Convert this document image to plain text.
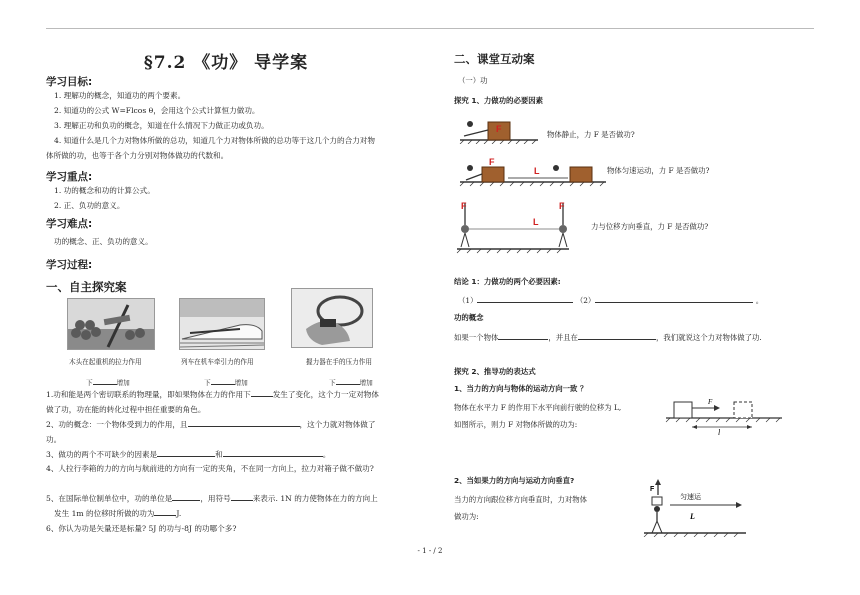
§7.2 《功》 导学案
学习目标:
1. 理解功的概念，知道功的两个要素。
2. 知道功的公式 W=Flcos θ，会用这个公式计算恒力做功。
3. 理解正功和负功的概念，知道在什么情况下力做正功或负功。
4. 知道什么是几个力对物体所做的总功，知道几个力对物体所做的总功等于这几个力的合力对物
体所做的功，也等于各个力分别对物体做功的代数和。
学习重点:
1. 功的概念和功的计算公式。
2. 正、负功的意义。
学习难点:
功的概念、正、负功的意义。
学习过程:
一、自主探究案
木头在起重机的拉力作用	列车在机车牵引力的作用	握力器在手的压力作用
下	增加	下	增加	下	增加
1.功和能是两个密切联系的物理量，即如果物体在力的作用下	发生了变化，这个力一定对物体
做了功，功在能的转化过程中担任重要的角色。
2、功的概念：一个物体受到力的作用，且	，这个力就对物体做了
功。
3、做功的两个不可缺少的因素是	和	。
4、人拉行李箱的力的方向与航前进的方向有一定的夹角，不在同一方向上，拉力对箱子做不做功?
5、在国际单位制单位中，功的单位是	，用符号	来表示. 1N 的力使物体在力的方向上
发生 1m 的位移时所做的功为	J.
6、你认为功是矢量还是标量? 5J 的功与-8J 的功哪个多?
二、课堂互动案
（一）功
探究 1、力做功的必要因素
F
物体静止，力 F 是否做功?
F
L	物体匀速运动，力 F 是否做功?
F	F
L	力与位移方向垂直，力 F 是否做功?
结论 1：力做功的两个必要因素:
（1）	（2）	。
功的概念
如果一个物体	，并且在	，我们就说这个力对物体做了功.
探究 2、推导功的表达式
1、当力的方向与物体的运动方向一致 ？
物体在水平力 F 的作用下水平向前行驶的位移为 L,
如图所示，则力 F 对物体所做的功为:
F
l
2、当如果力的方向与运动方向垂直?
当力的方向跟位移方向垂直时，力对物体
做功为:
F
匀速运
L
- 1 - / 2
